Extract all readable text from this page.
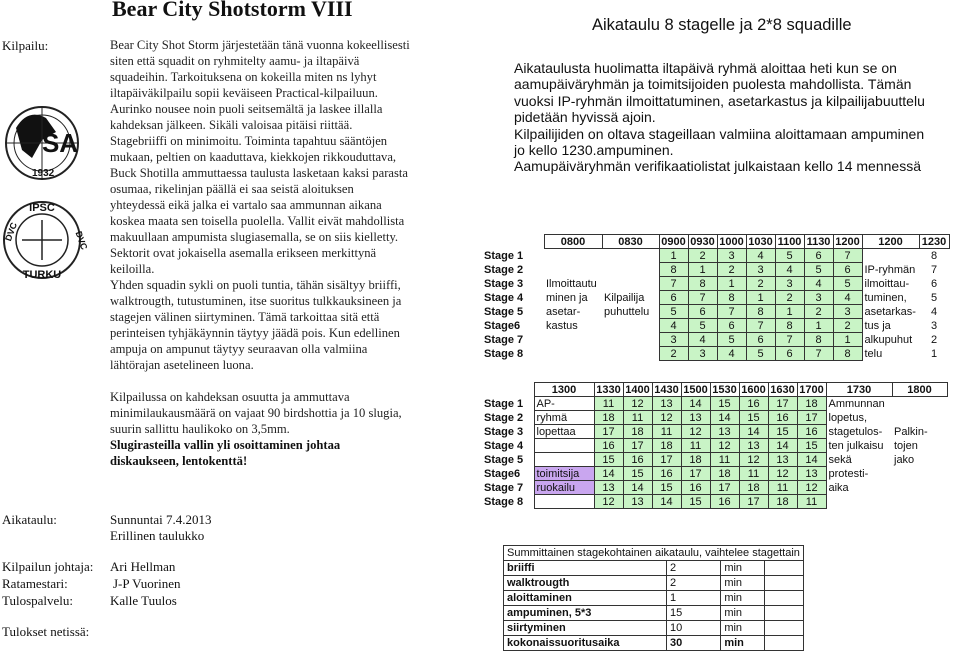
Bear City Shotstorm VIII
Kilpailu:
SA
1932
IPSC
DVC	DVC
TURKU
Bear City Shot Storm järjestetään tänä vuonna kokeellisesti siten että squadit on ryhmitelty aamu- ja iltapäivä squadeihin. Tarkoituksena on kokeilla miten ns lyhyt iltapäiväkilpailu sopii keväiseen Practical-kilpailuun. Aurinko nousee noin puoli seitsemältä ja laskee illalla kahdeksan jälkeen. Sikäli valoisaa pitäisi riittää.
Stagebriiffi on minimoitu. Toiminta tapahtuu sääntöjen mukaan, peltien on kaaduttava, kiekkojen rikkouduttava, Buck Shotilla ammuttaessa taulusta lasketaan kaksi parasta osumaa, rikelinjan päällä ei saa seistä aloituksen yhteydessä eikä jalka ei vartalo saa ammunnan aikana koskea maata sen toisella puolella. Vallit eivät mahdollista makuullaan ampumista slugiasemalla, se on siis kielletty. Sektorit ovat jokaisella asemalla erikseen merkittynä keiloilla.
Yhden squadin sykli on puoli tuntia, tähän sisältyy briiffi, walktrougth, tutustuminen, itse suoritus tulkkauksineen ja stagejen välinen siirtyminen. Tämä tarkoittaa sitä että perinteisen tyhjäkäynnin täytyy jäädä pois. Kun edellinen ampuja on ampunut täytyy seuraavan olla valmiina lähtörajan asetelineen luona.
Kilpailussa on kahdeksan osuutta ja ammuttava minimilaukausmäärä on vajaat 90 birdshottia ja 10 slugia, suurin sallittu haulikoko on 3,5mm.
Slugirasteilla vallin yli osoittaminen johtaa diskaukseen, lentokenttä!
Aikataulu:	Sunnuntai 7.4.2013
Erillinen taulukko
Kilpailun johtaja: Ari Hellman
Ratamestari:	J-P Vuorinen
Tulospalvelu:	Kalle Tuulos
Tulokset netissä:
Aikataulu 8 stagelle ja 2*8 squadille
Aikataulusta huolimatta iltapäivä ryhmä aloittaa heti kun se on aamupäiväryhmän ja toimitsijoiden puolesta mahdollista. Tämän vuoksi IP-ryhmän ilmoittatuminen, asetarkastus ja kilpailijabuuttelu pidetään hyvissä ajoin.
Kilpailijiden on oltava stageillaan valmiina aloittamaan ampuminen jo kello 1230.ampuminen.
Aamupäiväryhmän verifikaatiolistat julkaistaan kello 14 mennessä
	0800	0830	0900	0930	1000	1030	1100	1130	1200	1200	1230
Stage 1			1	2	3	4	5	6	7		8
Stage 2			8	1	2	3	4	5	6	IP-ryhmän	7
Stage 3	Ilmoittautu		7	8	1	2	3	4	5	ilmoittau-	6
Stage 4	minen ja	Kilpailija	6	7	8	1	2	3	4	tuminen,	5
Stage 5	asetar-	puhuttelu	5	6	7	8	1	2	3	asetarkas-	4
Stage6	kastus		4	5	6	7	8	1	2	tus ja	3
Stage 7			3	4	5	6	7	8	1	alkupuhut	2
Stage 8			2	3	4	5	6	7	8	telu	1
	1300	1330	1400	1430	1500	1530	1600	1630	1700	1730	1800
Stage 1	AP-	11	12	13	14	15	16	17	18	Ammunnan	
Stage 2	ryhmä	18	11	12	13	14	15	16	17	lopetus,	
Stage 3	lopettaa	17	18	11	12	13	14	15	16	stagetulos-	Palkin-
Stage 4		16	17	18	11	12	13	14	15	ten julkaisu	tojen
Stage 5		15	16	17	18	11	12	13	14	sekä	jako
Stage6	toimitsija	14	15	16	17	18	11	12	13	protesti-	
Stage 7	ruokailu	13	14	15	16	17	18	11	12	aika	
Stage 8		12	13	14	15	16	17	18	11		
Summittainen stagekohtainen aikataulu, vaihtelee stagettain			
briiffi	2	min	
walktrougth	2	min	
aloittaminen	1	min	
ampuminen, 5*3	15	min	
siirtyminen	10	min	
kokonaissuoritusaika	30	min	
